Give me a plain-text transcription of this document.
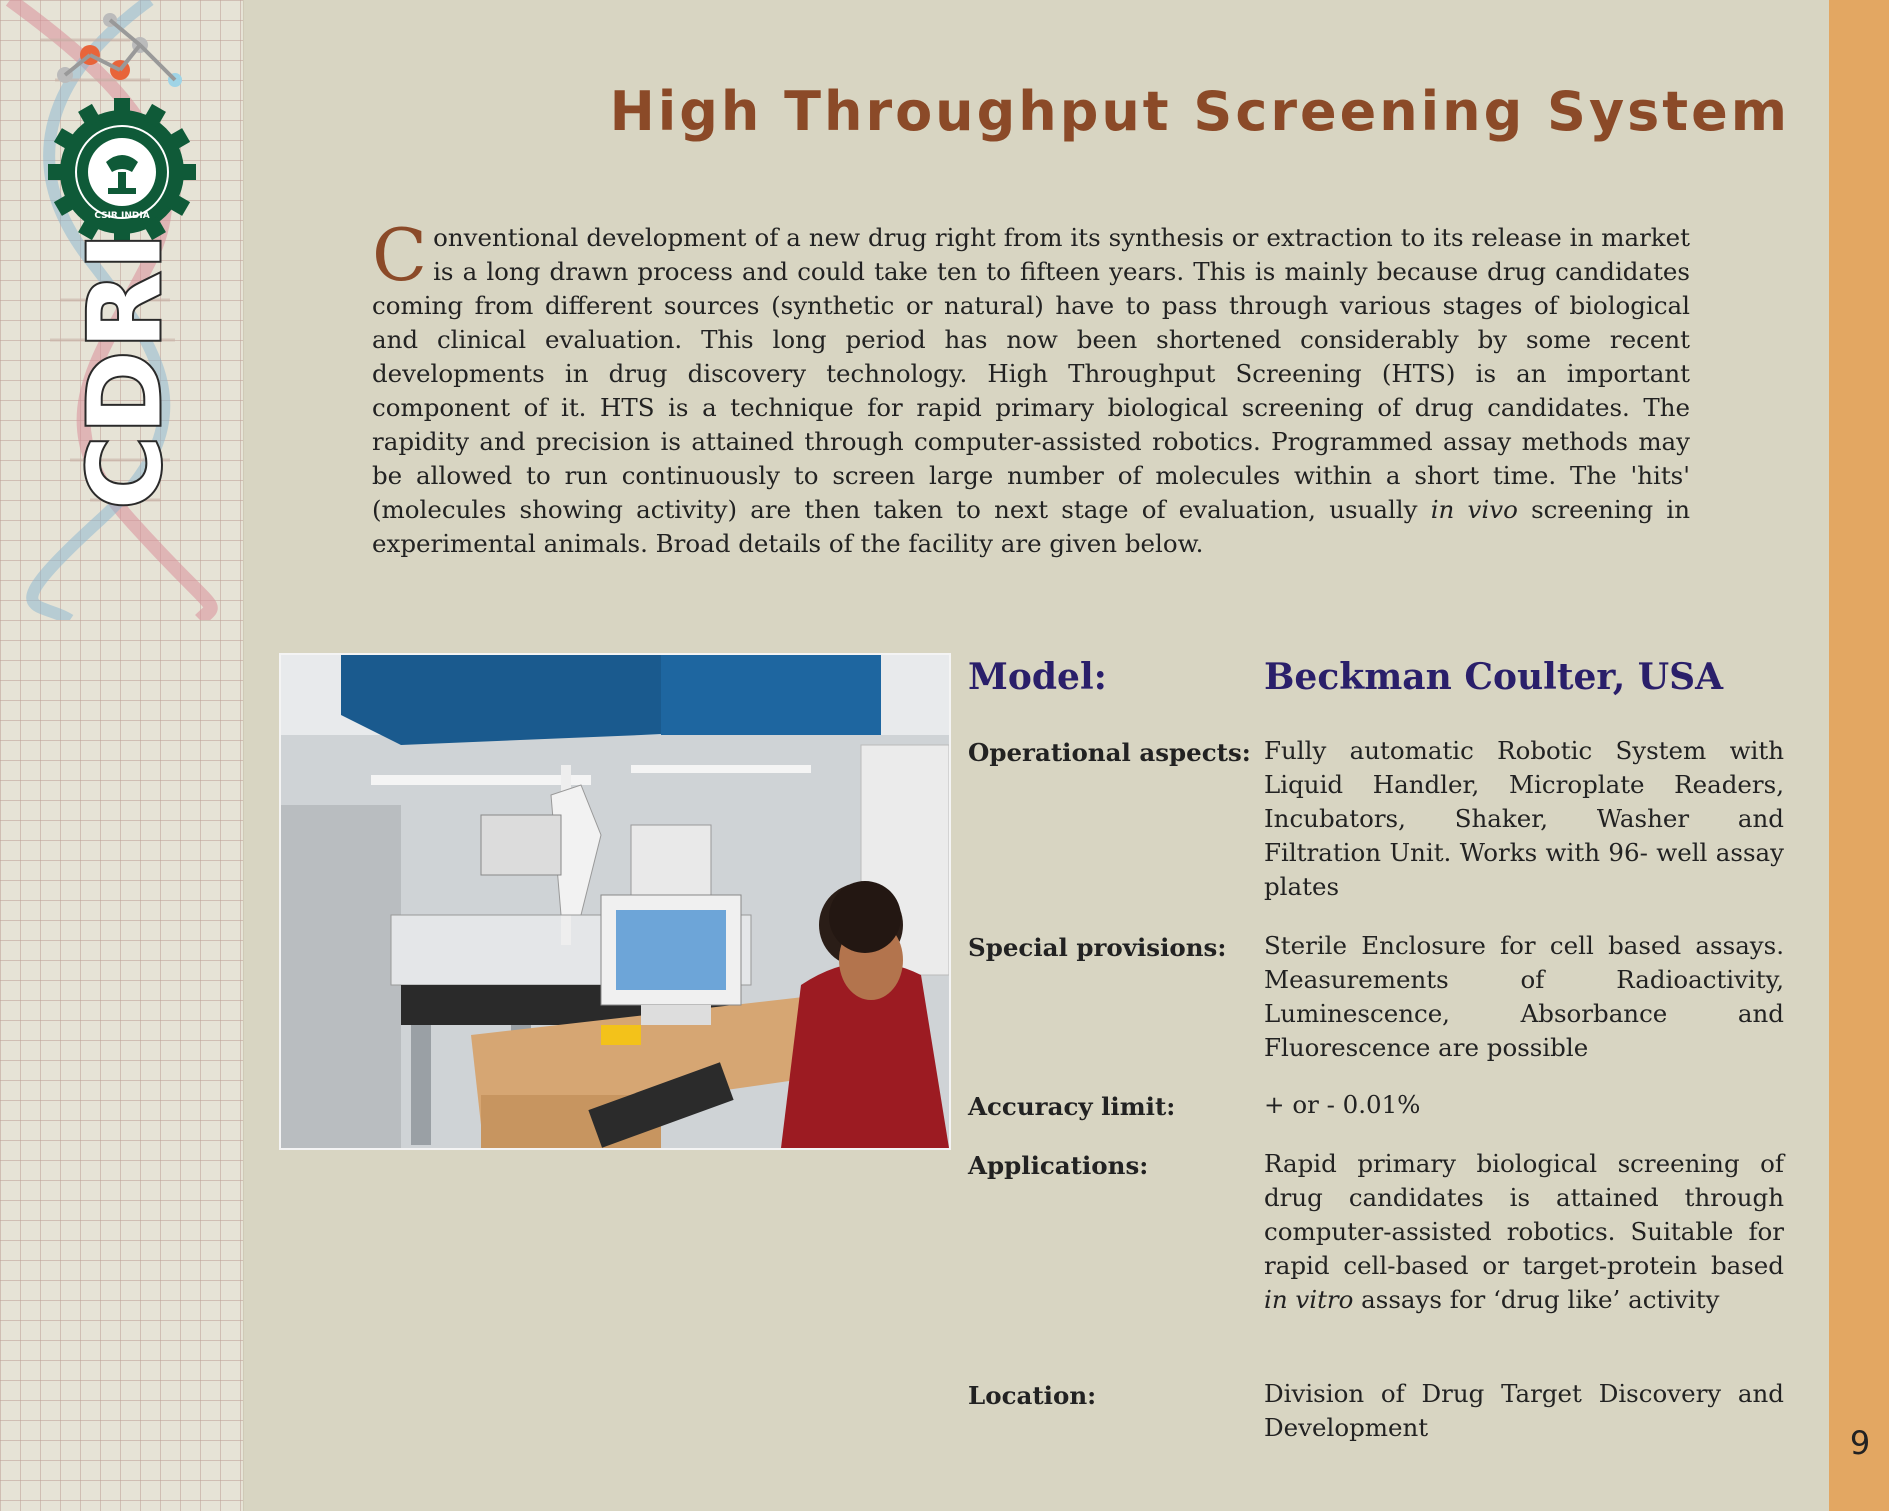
CSIR INDIA
CDRI
9
High Throughput Screening System

Conventional development of a new drug right from its synthesis or extraction to its release in market is a long drawn process and could take ten to fifteen years. This is mainly because drug candidates coming from different sources (synthetic or natural) have to pass through various stages of biological and clinical evaluation. This long period has now been shortened considerably by some recent developments in drug discovery technology. High Throughput Screening (HTS) is an important component of it. HTS is a technique for rapid primary biological screening of drug candidates. The rapidity and precision is attained through computer-assisted robotics. Programmed assay methods may be allowed to run continuously to screen large number of molecules within a short time. The 'hits' (molecules showing activity) are then taken to next stage of evaluation, usually in vivo screening in experimental animals. Broad details of the facility are given below.

Model:	Beckman Coulter, USA
Operational aspects: Fully automatic Robotic System with Liquid Handler, Microplate Readers, Incubators, Shaker, Washer and Filtration Unit. Works with 96- well assay plates
Special provisions:	Sterile Enclosure for cell based assays. Measurements of Radioactivity, Luminescence, Absorbance and Fluorescence are possible
Accuracy limit:	+ or - 0.01%
Applications:	Rapid primary biological screening of drug candidates is attained through computer-assisted robotics. Suitable for rapid cell-based or target-protein based in vitro assays for ‘drug like’ activity
Location:	Division of Drug Target Discovery and Development
